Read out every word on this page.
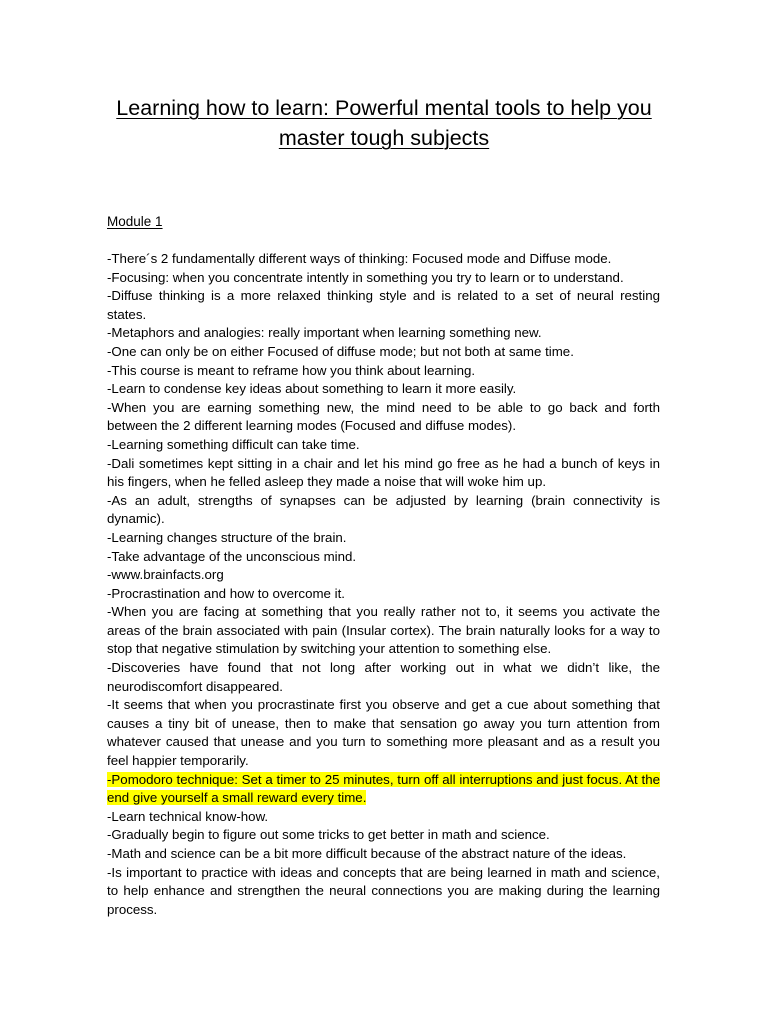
Learning how to learn: Powerful mental tools to help you master tough subjects
Module 1
-There´s 2 fundamentally different ways of thinking: Focused mode and Diffuse mode.
-Focusing: when you concentrate intently in something you try to learn or to understand.
-Diffuse thinking is a more relaxed thinking style and is related to a set of neural resting states.
-Metaphors and analogies: really important when learning something new.
-One can only be on either Focused of diffuse mode; but not both at same time.
-This course is meant to reframe how you think about learning.
-Learn to condense key ideas about something to learn it more easily.
-When you are earning something new, the mind need to be able to go back and forth between the 2 different learning modes (Focused and diffuse modes).
-Learning something difficult can take time.
-Dali sometimes kept sitting in a chair and let his mind go free as he had a bunch of keys in his fingers, when he felled asleep they made a noise that will woke him up.
-As an adult, strengths of synapses can be adjusted by learning (brain connectivity is dynamic).
-Learning changes structure of the brain.
-Take advantage of the unconscious mind.
-www.brainfacts.org
-Procrastination and how to overcome it.
-When you are facing at something that you really rather not to, it seems you activate the areas of the brain associated with pain (Insular cortex). The brain naturally looks for a way to stop that negative stimulation by switching your attention to something else.
-Discoveries have found that not long after working out in what we didn’t like, the neurodiscomfort disappeared.
-It seems that when you procrastinate first you observe and get a cue about something that causes a tiny bit of unease, then to make that sensation go away you turn attention from whatever caused that unease and you turn to something more pleasant and as a result you feel happier temporarily.
-Pomodoro technique: Set a timer to 25 minutes, turn off all interruptions and just focus. At the end give yourself a small reward every time.
-Learn technical know-how.
-Gradually begin to figure out some tricks to get better in math and science.
-Math and science can be a bit more difficult because of the abstract nature of the ideas.
-Is important to practice with ideas and concepts that are being learned in math and science, to help enhance and strengthen the neural connections you are making during the learning process.
